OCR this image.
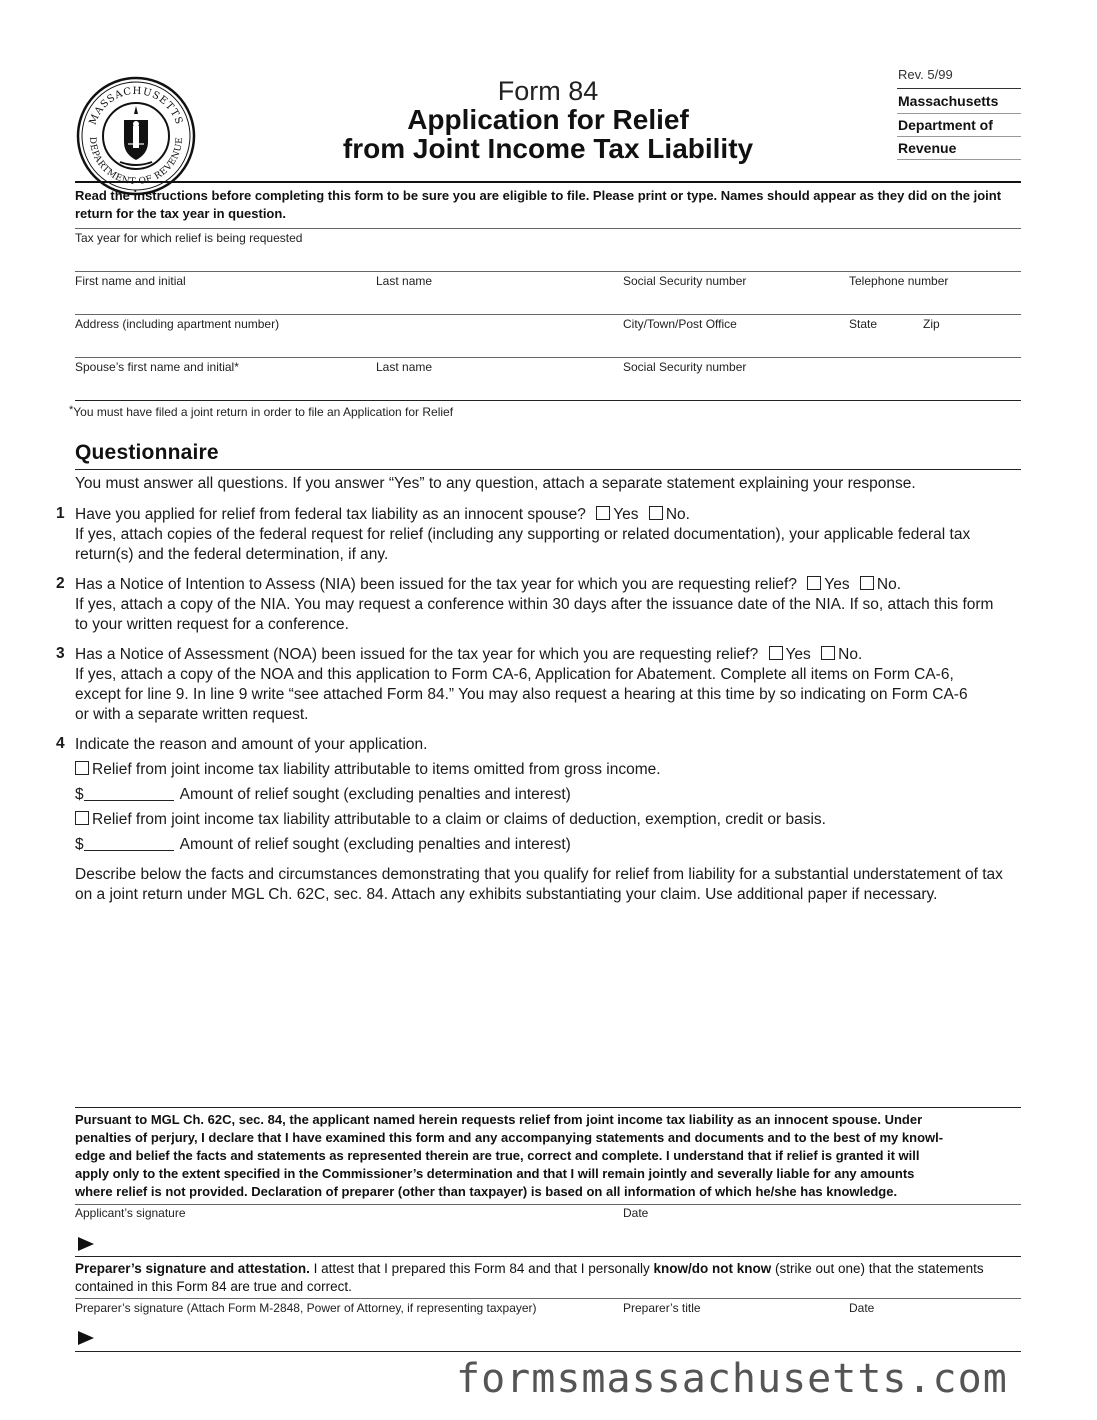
MASSACHUSETTS
DEPARTMENT OF REVENUE
Form 84
Application for Relief
from Joint Income Tax Liability
Rev. 5/99
Massachusetts
Department of
Revenue
Read the instructions before completing this form to be sure you are eligible to file. Please print or type. Names should appear as they did on the joint return for the tax year in question.
Tax year for which relief is being requested
First name and initial	Last name	Social Security number	Telephone number
Address (including apartment number)	City/Town/Post Office	State	Zip
Spouse’s first name and initial*	Last name	Social Security number
*You must have filed a joint return in order to file an Application for Relief
Questionnaire
You must answer all questions. If you answer “Yes” to any question, attach a separate statement explaining your response.
1 Have you applied for relief from federal tax liability as an innocent spouse? Yes No.
If yes, attach copies of the federal request for relief (including any supporting or related documentation), your applicable federal tax
return(s) and the federal determination, if any.
2 Has a Notice of Intention to Assess (NIA) been issued for the tax year for which you are requesting relief? Yes No.
If yes, attach a copy of the NIA. You may request a conference within 30 days after the issuance date of the NIA. If so, attach this form
to your written request for a conference.
3 Has a Notice of Assessment (NOA) been issued for the tax year for which you are requesting relief? Yes No.
If yes, attach a copy of the NOA and this application to Form CA-6, Application for Abatement. Complete all items on Form CA-6,
except for line 9. In line 9 write “see attached Form 84.” You may also request a hearing at this time by so indicating on Form CA-6
or with a separate written request.
4 Indicate the reason and amount of your application.
Relief from joint income tax liability attributable to items omitted from gross income.
$	Amount of relief sought (excluding penalties and interest)
Relief from joint income tax liability attributable to a claim or claims of deduction, exemption, credit or basis.
$	Amount of relief sought (excluding penalties and interest)
Describe below the facts and circumstances demonstrating that you qualify for relief from liability for a substantial understatement of tax
on a joint return under MGL Ch. 62C, sec. 84. Attach any exhibits substantiating your claim. Use additional paper if necessary.
Pursuant to MGL Ch. 62C, sec. 84, the applicant named herein requests relief from joint income tax liability as an innocent spouse. Under
penalties of perjury, I declare that I have examined this form and any accompanying statements and documents and to the best of my knowl-
edge and belief the facts and statements as represented therein are true, correct and complete. I understand that if relief is granted it will
apply only to the extent specified in the Commissioner’s determination and that I will remain jointly and severally liable for any amounts
where relief is not provided. Declaration of preparer (other than taxpayer) is based on all information of which he/she has knowledge.
Applicant’s signature	Date
Preparer’s signature and attestation. I attest that I prepared this Form 84 and that I personally know/do not know (strike out one) that the statements
contained in this Form 84 are true and correct.
Preparer’s signature (Attach Form M-2848, Power of Attorney, if representing taxpayer)	Preparer’s title	Date
formsmassachusetts.com
